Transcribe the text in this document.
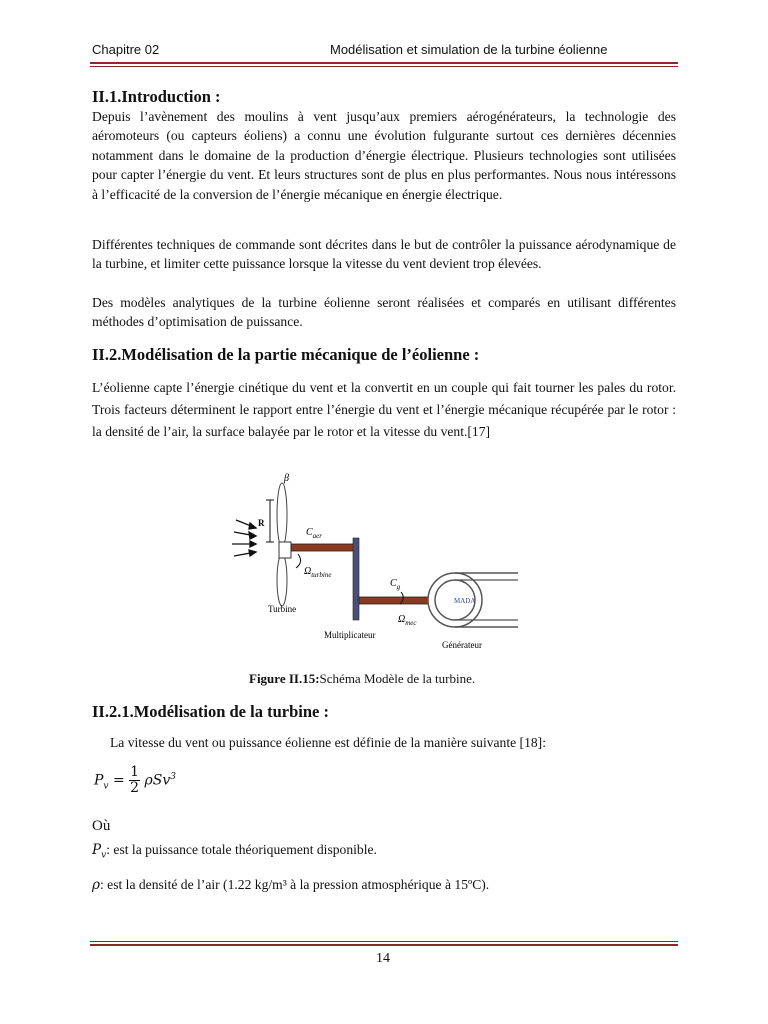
Chapitre 02	Modélisation et simulation de la turbine éolienne
II.1.Introduction :

Depuis l’avènement des moulins à vent jusqu’aux premiers aérogénérateurs, la technologie des aéromoteurs (ou capteurs éoliens) a connu une évolution fulgurante surtout ces dernières décennies notamment dans le domaine de la production d’énergie électrique. Plusieurs technologies sont utilisées pour capter l’énergie du vent. Et leurs structures sont de plus en plus performantes. Nous nous intéressons à l’efficacité de la conversion de l’énergie mécanique en énergie électrique.

Différentes techniques de commande sont décrites dans le but de contrôler la puissance aérodynamique de la turbine, et limiter cette puissance lorsque la vitesse du vent devient trop élevées.

Des modèles analytiques de la turbine éolienne seront réalisées et comparés en utilisant différentes méthodes d’optimisation de puissance.

II.2.Modélisation de la partie mécanique de l’éolienne :

L’éolienne capte l’énergie cinétique du vent et la convertit en un couple qui fait tourner les pales du rotor. Trois facteurs déterminent le rapport entre l’énergie du vent et l’énergie mécanique récupérée par le rotor : la densité de l’air, la surface balayée par le rotor et la vitesse du vent.[17]

R
β
$C_{aer}$
$\Omega_{turbine}$
$C_g$
$\Omega_{mec}$
MADA
Turbine
Multiplicateur
Générateur
Figure II.15:Schéma Modèle de la turbine.
II.2.1.Modélisation de la turbine :
La vitesse du vent ou puissance éolienne est définie de la manière suivante [18]:
$P_v = \frac{1}{2} \rho Sv^3$
Où
$P_v$: est la puissance totale théoriquement disponible.
ρ: est la densité de l’air (1.22 kg/m³ à la pression atmosphérique à 15ºC).
14
